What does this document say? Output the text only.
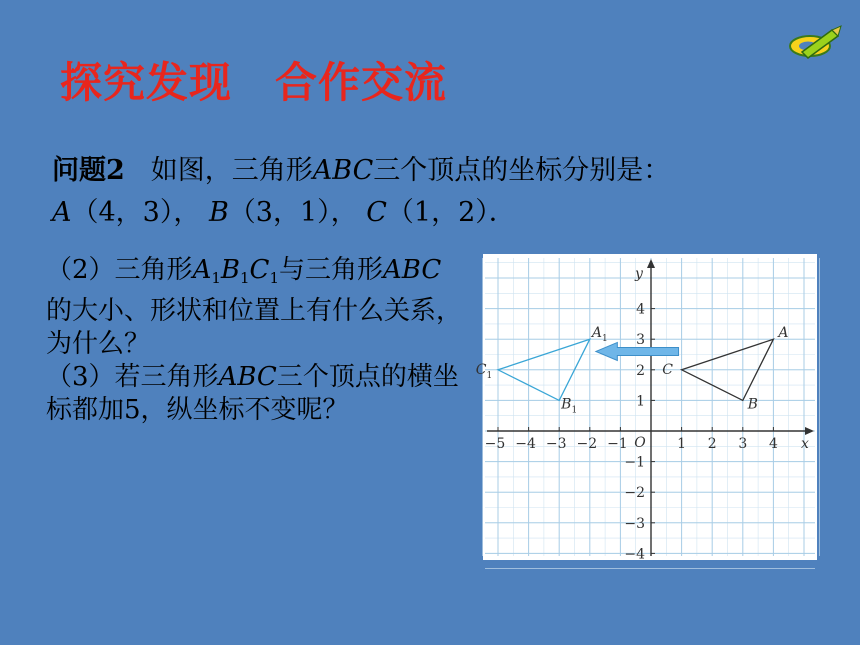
探究发现　合作交流
问题2 如图，三角形ABC三个顶点的坐标分别是：
A（4，3）， B（3，1）， C（1，2）．

（2）三角形$A_1B_1C_1$与三角形ABC的大小、形状和位置上有什么关系，为什么？

（3）若三角形ABC三个顶点的横坐标都加5，纵坐标不变呢？

x
y
O
−5 −4 −3 −2 −1	1 2 3 4
4
3
2
1
−1
−2
−3
−4
A
B
C
$A_1$
$B_1$
$C_1$
